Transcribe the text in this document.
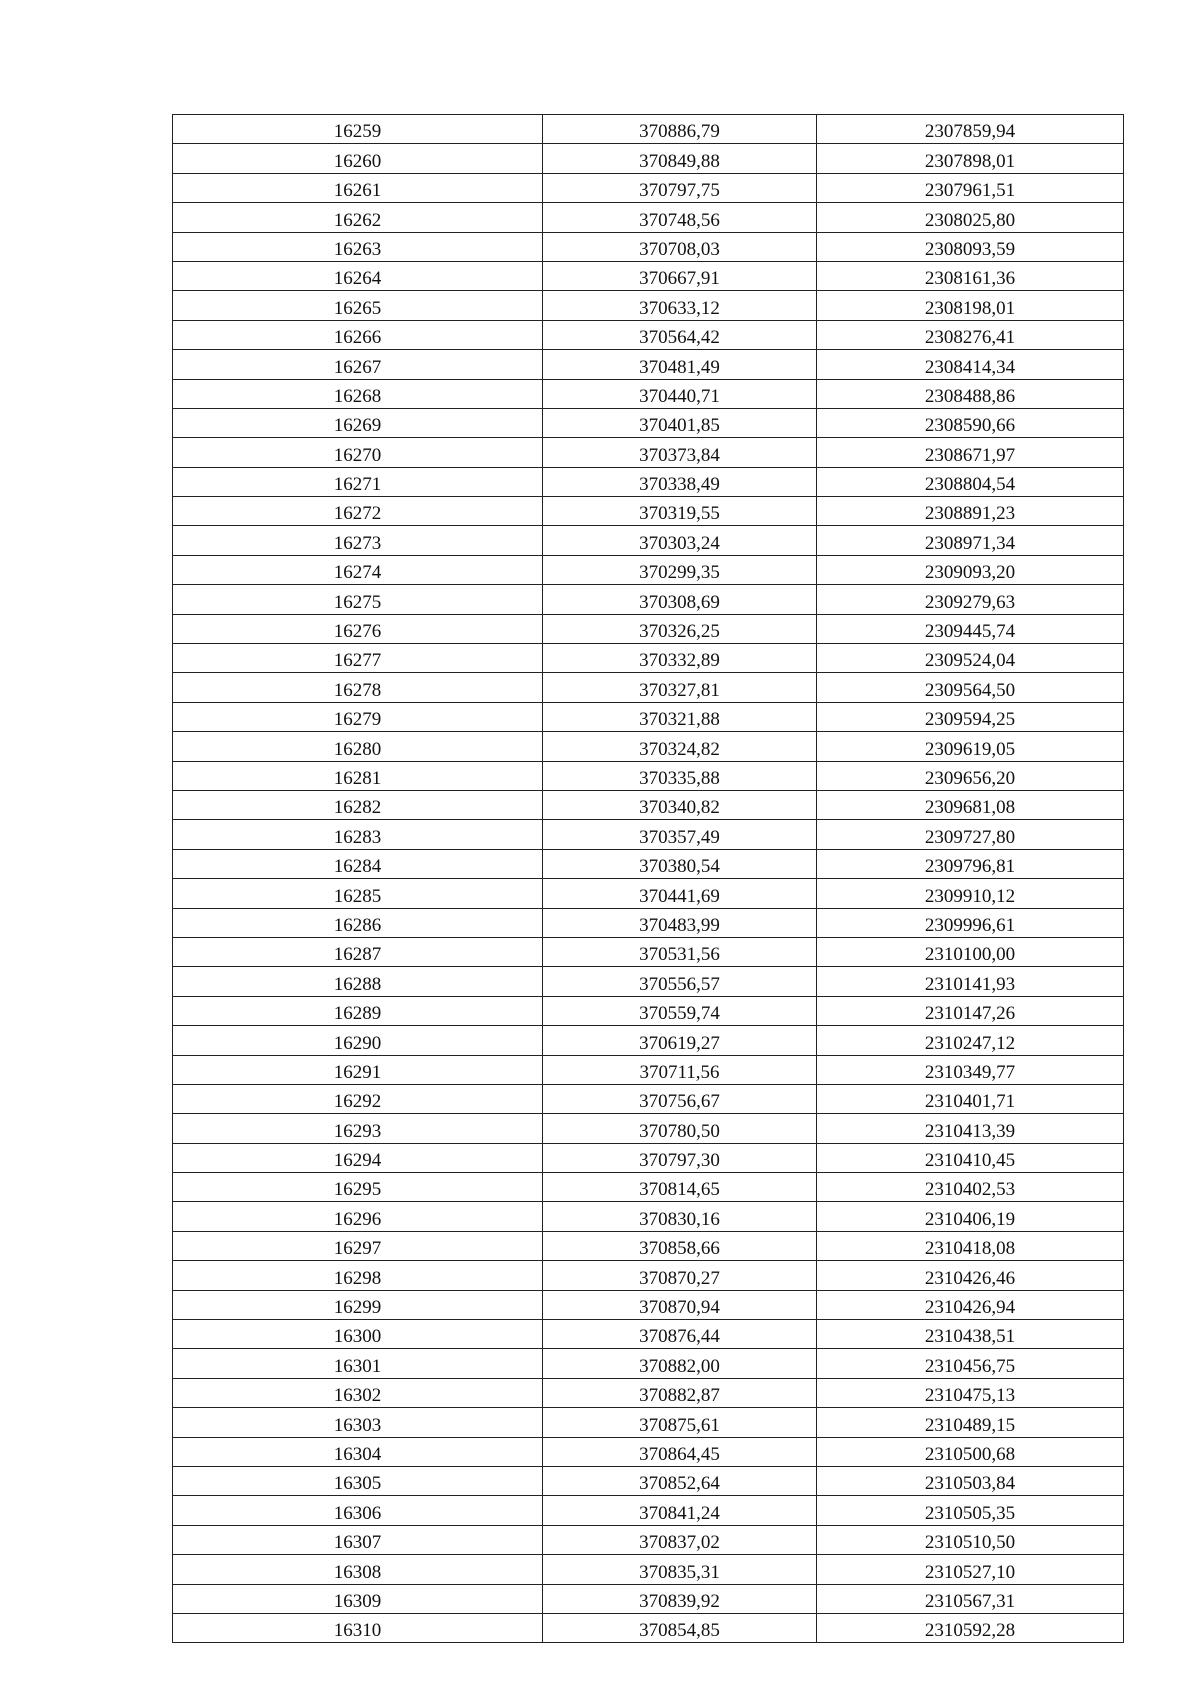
16259	370886,79	2307859,94
16260	370849,88	2307898,01
16261	370797,75	2307961,51
16262	370748,56	2308025,80
16263	370708,03	2308093,59
16264	370667,91	2308161,36
16265	370633,12	2308198,01
16266	370564,42	2308276,41
16267	370481,49	2308414,34
16268	370440,71	2308488,86
16269	370401,85	2308590,66
16270	370373,84	2308671,97
16271	370338,49	2308804,54
16272	370319,55	2308891,23
16273	370303,24	2308971,34
16274	370299,35	2309093,20
16275	370308,69	2309279,63
16276	370326,25	2309445,74
16277	370332,89	2309524,04
16278	370327,81	2309564,50
16279	370321,88	2309594,25
16280	370324,82	2309619,05
16281	370335,88	2309656,20
16282	370340,82	2309681,08
16283	370357,49	2309727,80
16284	370380,54	2309796,81
16285	370441,69	2309910,12
16286	370483,99	2309996,61
16287	370531,56	2310100,00
16288	370556,57	2310141,93
16289	370559,74	2310147,26
16290	370619,27	2310247,12
16291	370711,56	2310349,77
16292	370756,67	2310401,71
16293	370780,50	2310413,39
16294	370797,30	2310410,45
16295	370814,65	2310402,53
16296	370830,16	2310406,19
16297	370858,66	2310418,08
16298	370870,27	2310426,46
16299	370870,94	2310426,94
16300	370876,44	2310438,51
16301	370882,00	2310456,75
16302	370882,87	2310475,13
16303	370875,61	2310489,15
16304	370864,45	2310500,68
16305	370852,64	2310503,84
16306	370841,24	2310505,35
16307	370837,02	2310510,50
16308	370835,31	2310527,10
16309	370839,92	2310567,31
16310	370854,85	2310592,28
